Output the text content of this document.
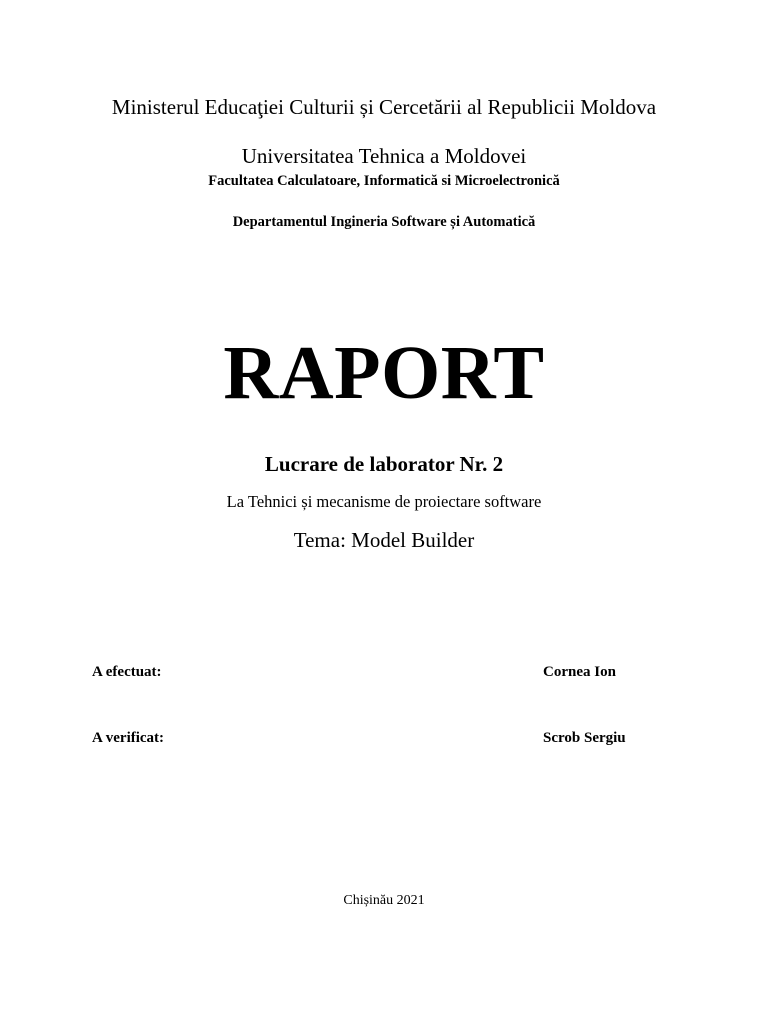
Ministerul Educaţiei Culturii și Cercetării al Republicii Moldova
Universitatea Tehnica a Moldovei
Facultatea Calculatoare, Informatică si Microelectronică
Departamentul Ingineria Software și Automatică
RAPORT
Lucrare de laborator Nr. 2
La Tehnici și mecanisme de proiectare software
Tema: Model Builder
A efectuat:	Cornea Ion
A verificat:	Scrob Sergiu
Chișinău 2021
